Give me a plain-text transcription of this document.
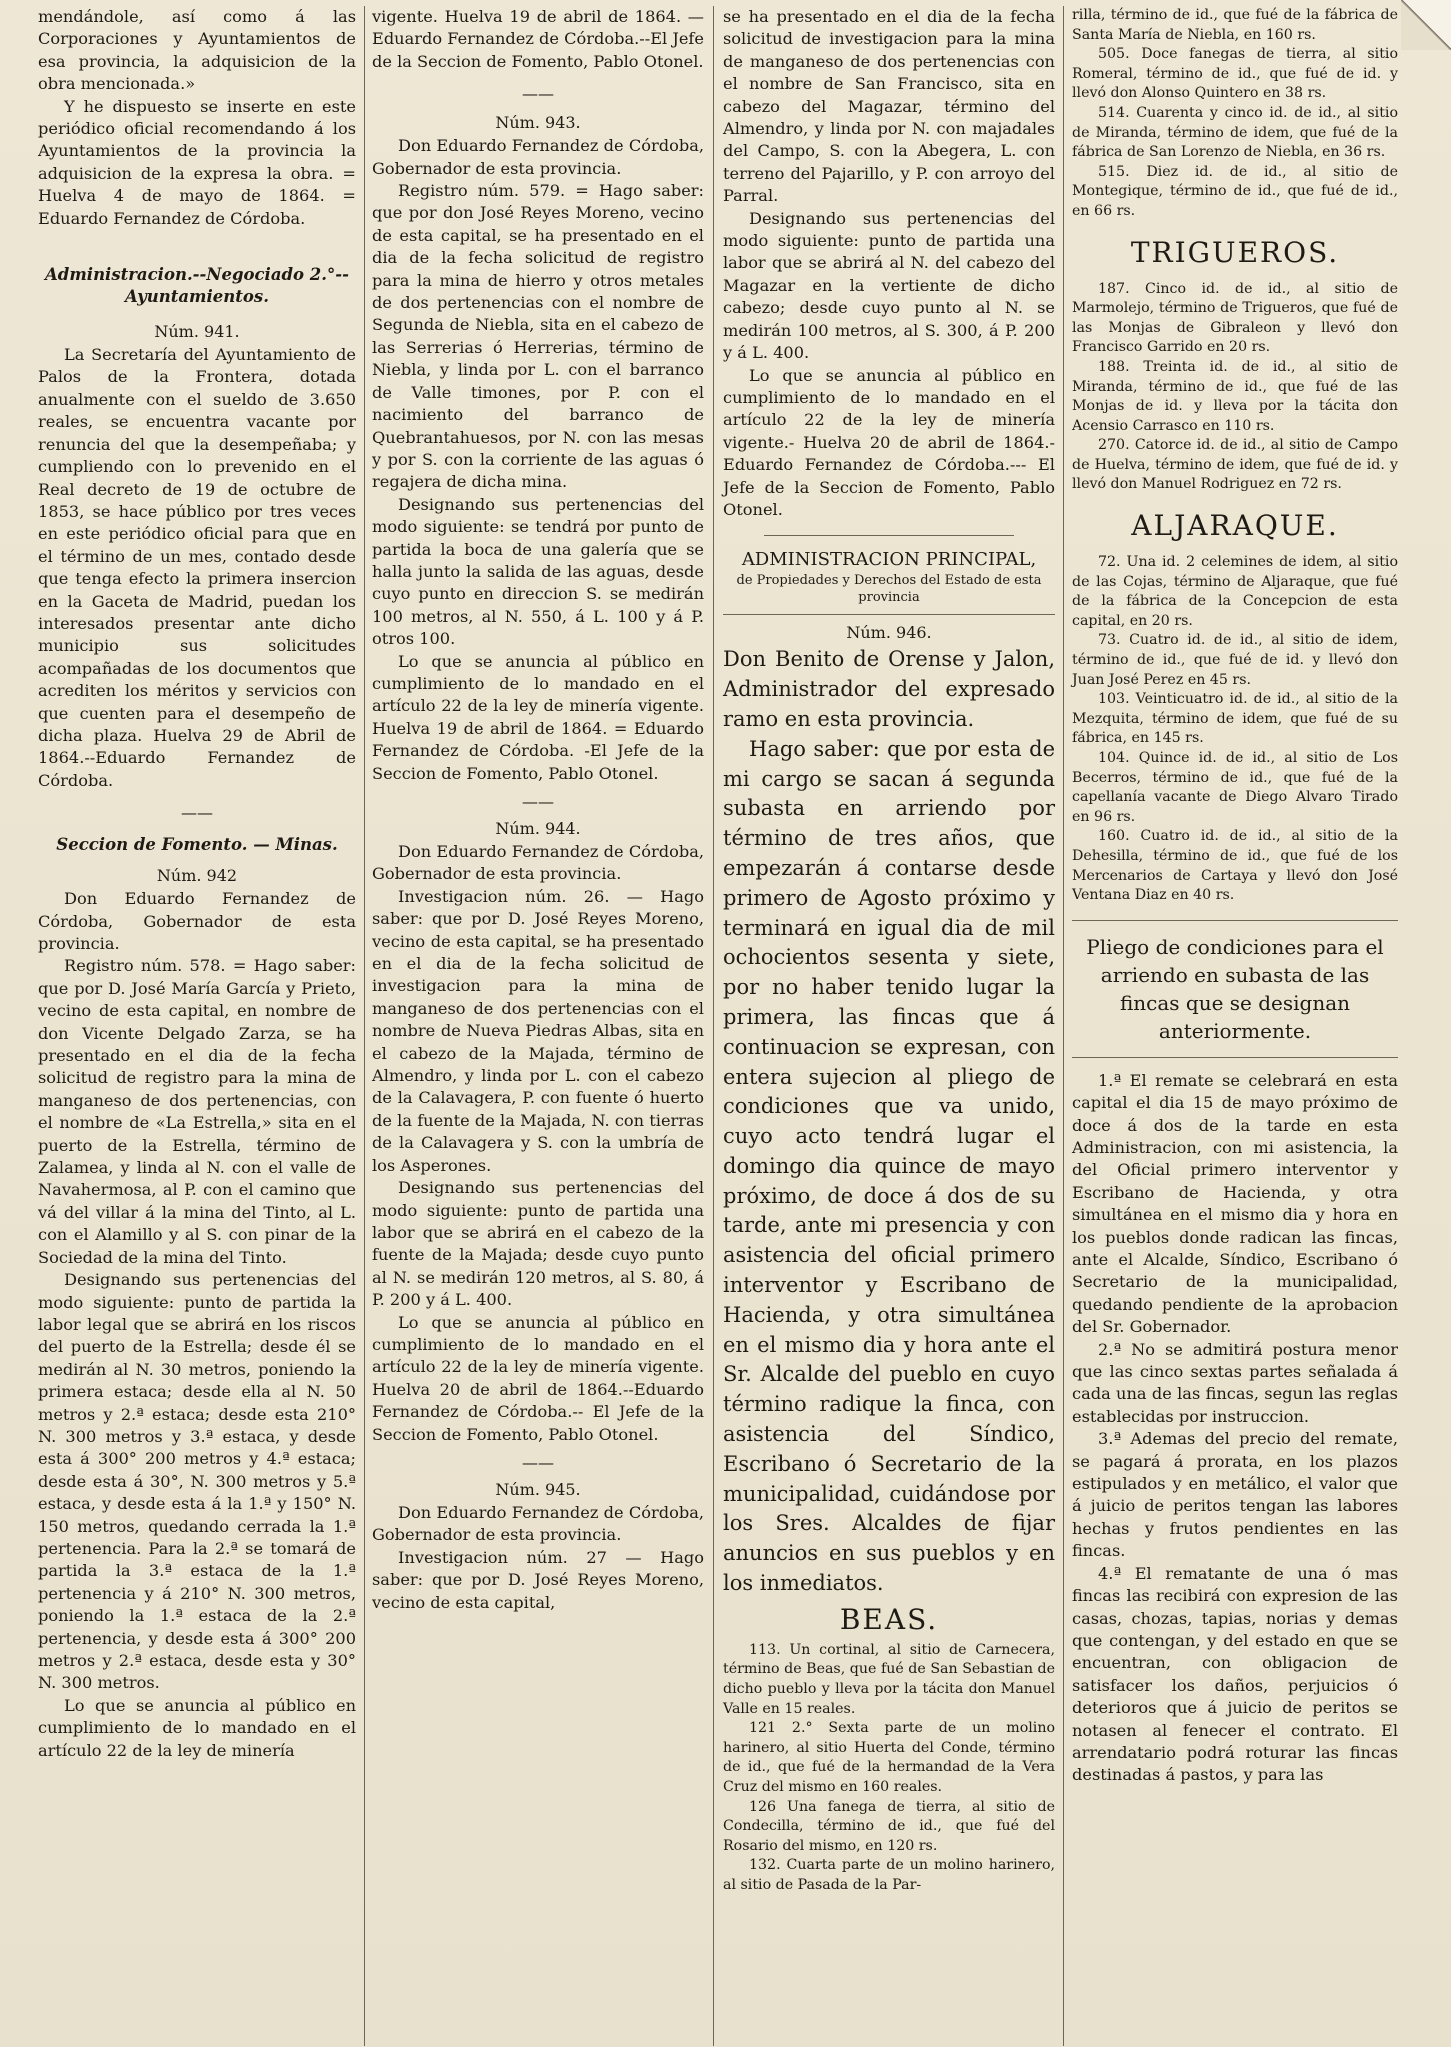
mendándole, así como á las Corporaciones y Ayuntamientos de esa provincia, la adquisicion de la obra mencionada.»

Y he dispuesto se inserte en este periódico oficial recomendando á los Ayuntamientos de la provincia la adquisicion de la expresa la obra. = Huelva 4 de mayo de 1864. = Eduardo Fernandez de Córdoba.

Administracion.--Negociado 2.°--Ayuntamientos.
Núm. 941.

La Secretaría del Ayuntamiento de Palos de la Frontera, dotada anualmente con el sueldo de 3.650 reales, se encuentra vacante por renuncia del que la desempeñaba; y cumpliendo con lo prevenido en el Real decreto de 19 de octubre de 1853, se hace público por tres veces en este periódico oficial para que en el término de un mes, contado desde que tenga efecto la primera insercion en la Gaceta de Madrid, puedan los interesados presentar ante dicho municipio sus solicitudes acompañadas de los documentos que acrediten los méritos y servicios con que cuenten para el desempeño de dicha plaza. Huelva 29 de Abril de 1864.--Eduardo Fernandez de Córdoba.

——
Seccion de Fomento. — Minas.
Núm. 942

Don Eduardo Fernandez de Córdoba, Gobernador de esta provincia.

Registro núm. 578. = Hago saber: que por D. José María García y Prieto, vecino de esta capital, en nombre de don Vicente Delgado Zarza, se ha presentado en el dia de la fecha solicitud de registro para la mina de manganeso de dos pertenencias, con el nombre de «La Estrella,» sita en el puerto de la Estrella, término de Zalamea, y linda al N. con el valle de Navahermosa, al P. con el camino que vá del villar á la mina del Tinto, al L. con el Alamillo y al S. con pinar de la Sociedad de la mina del Tinto.

Designando sus pertenencias del modo siguiente: punto de partida la labor legal que se abrirá en los riscos del puerto de la Estrella; desde él se medirán al N. 30 metros, poniendo la primera estaca; desde ella al N. 50 metros y 2.ª estaca; desde esta 210° N. 300 metros y 3.ª estaca, y desde esta á 300° 200 metros y 4.ª estaca; desde esta á 30°, N. 300 metros y 5.ª estaca, y desde esta á la 1.ª y 150° N. 150 metros, quedando cerrada la 1.ª pertenencia. Para la 2.ª se tomará de partida la 3.ª estaca de la 1.ª pertenencia y á 210° N. 300 metros, poniendo la 1.ª estaca de la 2.ª pertenencia, y desde esta á 300° 200 metros y 2.ª estaca, desde esta y 30° N. 300 metros.

Lo que se anuncia al público en cumplimiento de lo mandado en el artículo 22 de la ley de minería

vigente. Huelva 19 de abril de 1864. —Eduardo Fernandez de Córdoba.--El Jefe de la Seccion de Fomento, Pablo Otonel.

——
Núm. 943.

Don Eduardo Fernandez de Córdoba, Gobernador de esta provincia.

Registro núm. 579. = Hago saber: que por don José Reyes Moreno, vecino de esta capital, se ha presentado en el dia de la fecha solicitud de registro para la mina de hierro y otros metales de dos pertenencias con el nombre de Segunda de Niebla, sita en el cabezo de las Serrerias ó Herrerias, término de Niebla, y linda por L. con el barranco de Valle timones, por P. con el nacimiento del barranco de Quebrantahuesos, por N. con las mesas y por S. con la corriente de las aguas ó regajera de dicha mina.

Designando sus pertenencias del modo siguiente: se tendrá por punto de partida la boca de una galería que se halla junto la salida de las aguas, desde cuyo punto en direccion S. se medirán 100 metros, al N. 550, á L. 100 y á P. otros 100.

Lo que se anuncia al público en cumplimiento de lo mandado en el artículo 22 de la ley de minería vigente. Huelva 19 de abril de 1864. = Eduardo Fernandez de Córdoba. -El Jefe de la Seccion de Fomento, Pablo Otonel.

——
Núm. 944.

Don Eduardo Fernandez de Córdoba, Gobernador de esta provincia.

Investigacion núm. 26. — Hago saber: que por D. José Reyes Moreno, vecino de esta capital, se ha presentado en el dia de la fecha solicitud de investigacion para la mina de manganeso de dos pertenencias con el nombre de Nueva Piedras Albas, sita en el cabezo de la Majada, término de Almendro, y linda por L. con el cabezo de la Calavagera, P. con fuente ó huerto de la fuente de la Majada, N. con tierras de la Calavagera y S. con la umbría de los Asperones.

Designando sus pertenencias del modo siguiente: punto de partida una labor que se abrirá en el cabezo de la fuente de la Majada; desde cuyo punto al N. se medirán 120 metros, al S. 80, á P. 200 y á L. 400.

Lo que se anuncia al público en cumplimiento de lo mandado en el artículo 22 de la ley de minería vigente. Huelva 20 de abril de 1864.--Eduardo Fernandez de Córdoba.-- El Jefe de la Seccion de Fomento, Pablo Otonel.

——
Núm. 945.

Don Eduardo Fernandez de Córdoba, Gobernador de esta provincia.

Investigacion núm. 27 — Hago saber: que por D. José Reyes Moreno, vecino de esta capital,

se ha presentado en el dia de la fecha solicitud de investigacion para la mina de manganeso de dos pertenencias con el nombre de San Francisco, sita en cabezo del Magazar, término del Almendro, y linda por N. con majadales del Campo, S. con la Abegera, L. con terreno del Pajarillo, y P. con arroyo del Parral.

Designando sus pertenencias del modo siguiente: punto de partida una labor que se abrirá al N. del cabezo del Magazar en la vertiente de dicho cabezo; desde cuyo punto al N. se medirán 100 metros, al S. 300, á P. 200 y á L. 400.

Lo que se anuncia al público en cumplimiento de lo mandado en el artículo 22 de la ley de minería vigente.- Huelva 20 de abril de 1864.-Eduardo Fernandez de Córdoba.--- El Jefe de la Seccion de Fomento, Pablo Otonel.

ADMINISTRACION PRINCIPAL,
de Propiedades y Derechos del Estado de esta provincia
Núm. 946.

Don Benito de Orense y Jalon, Administrador del expresado ramo en esta provincia.

Hago saber: que por esta de mi cargo se sacan á segunda subasta en arriendo por término de tres años, que empezarán á contarse desde primero de Agosto próximo y terminará en igual dia de mil ochocientos sesenta y siete, por no haber tenido lugar la primera, las fincas que á continuacion se expresan, con entera sujecion al pliego de condiciones que va unido, cuyo acto tendrá lugar el domingo dia quince de mayo próximo, de doce á dos de su tarde, ante mi presencia y con asistencia del oficial primero interventor y Escribano de Hacienda, y otra simultánea en el mismo dia y hora ante el Sr. Alcalde del pueblo en cuyo término radique la finca, con asistencia del Síndico, Escribano ó Secretario de la municipalidad, cuidándose por los Sres. Alcaldes de fijar anuncios en sus pueblos y en los inmediatos.

BEAS.

113. Un cortinal, al sitio de Carnecera, término de Beas, que fué de San Sebastian de dicho pueblo y lleva por la tácita don Manuel Valle en 15 reales.

121 2.° Sexta parte de un molino harinero, al sitio Huerta del Conde, término de id., que fué de la hermandad de la Vera Cruz del mismo en 160 reales.

126 Una fanega de tierra, al sitio de Condecilla, término de id., que fué del Rosario del mismo, en 120 rs.

132. Cuarta parte de un molino harinero, al sitio de Pasada de la Par-

rilla, término de id., que fué de la fábrica de Santa María de Niebla, en 160 rs.

505. Doce fanegas de tierra, al sitio Romeral, término de id., que fué de id. y llevó don Alonso Quintero en 38 rs.

514. Cuarenta y cinco id. de id., al sitio de Miranda, término de idem, que fué de la fábrica de San Lorenzo de Niebla, en 36 rs.

515. Diez id. de id., al sitio de Montegique, término de id., que fué de id., en 66 rs.

TRIGUEROS.

187. Cinco id. de id., al sitio de Marmolejo, término de Trigueros, que fué de las Monjas de Gibraleon y llevó don Francisco Garrido en 20 rs.

188. Treinta id. de id., al sitio de Miranda, término de id., que fué de las Monjas de id. y lleva por la tácita don Acensio Carrasco en 110 rs.

270. Catorce id. de id., al sitio de Campo de Huelva, término de idem, que fué de id. y llevó don Manuel Rodriguez en 72 rs.

ALJARAQUE.

72. Una id. 2 celemines de idem, al sitio de las Cojas, término de Aljaraque, que fué de la fábrica de la Concepcion de esta capital, en 20 rs.

73. Cuatro id. de id., al sitio de idem, término de id., que fué de id. y llevó don Juan José Perez en 45 rs.

103. Veinticuatro id. de id., al sitio de la Mezquita, término de idem, que fué de su fábrica, en 145 rs.

104. Quince id. de id., al sitio de Los Becerros, término de id., que fué de la capellanía vacante de Diego Alvaro Tirado en 96 rs.

160. Cuatro id. de id., al sitio de la Dehesilla, término de id., que fué de los Mercenarios de Cartaya y llevó don José Ventana Diaz en 40 rs.

Pliego de condiciones para el arriendo en subasta de las fincas que se designan anteriormente.

1.ª El remate se celebrará en esta capital el dia 15 de mayo próximo de doce á dos de la tarde en esta Administracion, con mi asistencia, la del Oficial primero interventor y Escribano de Hacienda, y otra simultánea en el mismo dia y hora en los pueblos donde radican las fincas, ante el Alcalde, Síndico, Escribano ó Secretario de la municipalidad, quedando pendiente de la aprobacion del Sr. Gobernador.

2.ª No se admitirá postura menor que las cinco sextas partes señalada á cada una de las fincas, segun las reglas establecidas por instruccion.

3.ª Ademas del precio del remate, se pagará á prorata, en los plazos estipulados y en metálico, el valor que á juicio de peritos tengan las labores hechas y frutos pendientes en las fincas.

4.ª El rematante de una ó mas fincas las recibirá con expresion de las casas, chozas, tapias, norias y demas que contengan, y del estado en que se encuentran, con obligacion de satisfacer los daños, perjuicios ó deterioros que á juicio de peritos se notasen al fenecer el contrato. El arrendatario podrá roturar las fincas destinadas á pastos, y para las
